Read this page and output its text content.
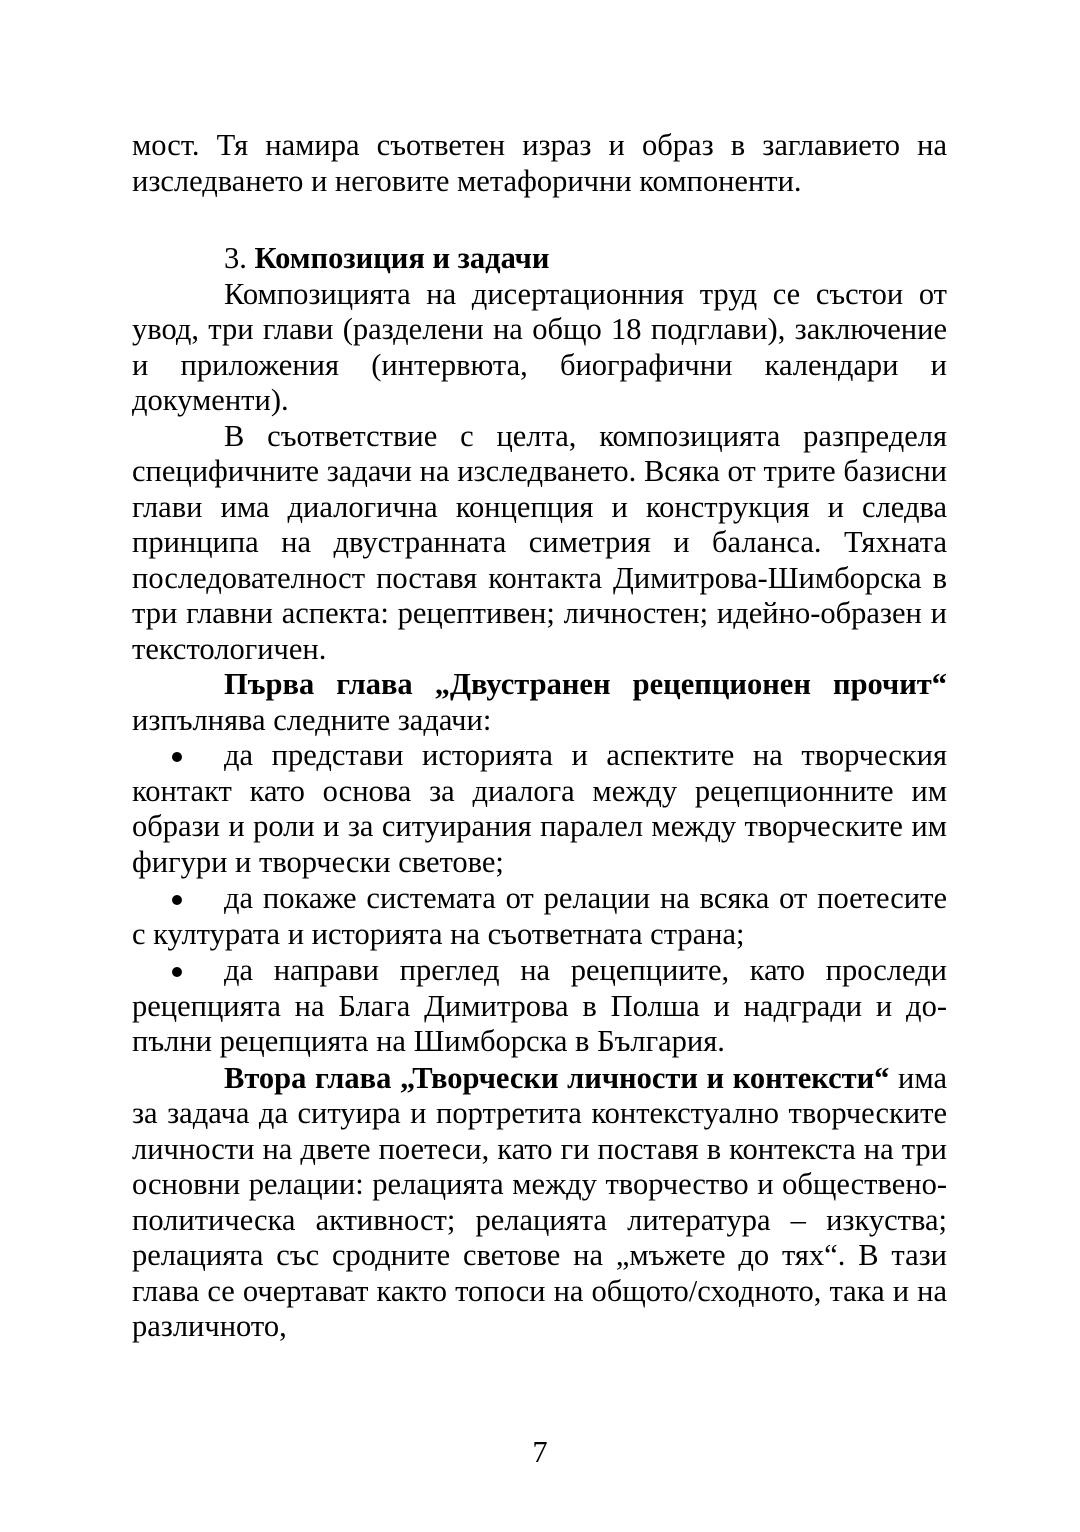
мост. Тя намира съответен израз и образ в заглавието на изследването и неговите метафорични компоненти.

3. Композиция и задачи

Композицията на дисертационния труд се състои от увод, три глави (разделени на общо 18 подглави), заключение и приложения (интервюта, биографични календари и документи).

В съответствие с целта, композицията разпределя специфичните задачи на изследването. Всяка от трите базисни глави има диалогична концепция и конструкция и следва принципа на двустранната симетрия и баланса. Тяхната последователност поставя контакта Димитрова-Шимборска в три главни аспекта: рецептивен; личностен; идейно-образен и текстологичен.

Първа глава „Двустранен рецепционен прочит“ изпълнява следните задачи:

да представи историята и аспектите на творческия контакт като основа за диалога между рецепционните им образи и роли и за ситуирания паралел между творческите им фигури и творчески светове;
да покаже системата от релации на всяка от поетесите с културата и историята на съответната страна;
да направи преглед на рецепциите, като проследи рецепцията на Блага Димитрова в Полша и надгради и допълни рецепцията на Шимборска в България.

Втора глава „Творчески личности и контексти“ има за задача да ситуира и портретита контекстуално творческите личности на двете поетеси, като ги поставя в контекста на три основни релации: релацията между творчество и обществено-политическа активност; релацията литература – изкуства; релацията със сродните светове на „мъжете до тях“. В тази глава се очертават както топоси на общото/сходното, така и на различното,

7
